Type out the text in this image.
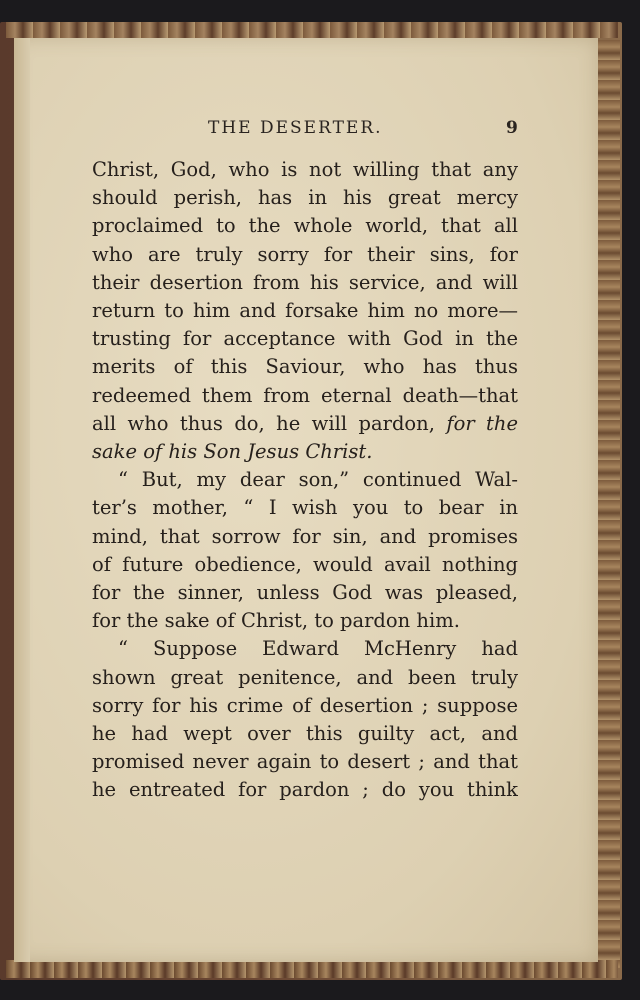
THE DESERTER.	9
Christ, God, who is not willing that any
should perish, has in his great mercy
proclaimed to the whole world, that all
who are truly sorry for their sins, for
their desertion from his service, and will
return to him and forsake him no more—
trusting for acceptance with God in the
merits of this Saviour, who has thus
redeemed them from eternal death—that
all who thus do, he will pardon, for the
sake of his Son Jesus Christ.
“ But, my dear son,” continued Wal-
ter’s mother, “ I wish you to bear in
mind, that sorrow for sin, and promises
of future obedience, would avail nothing
for the sinner, unless God was pleased,
for the sake of Christ, to pardon him.
“ Suppose Edward McHenry had
shown great penitence, and been truly
sorry for his crime of desertion ; suppose
he had wept over this guilty act, and
promised never again to desert ; and that
he entreated for pardon ; do you think
